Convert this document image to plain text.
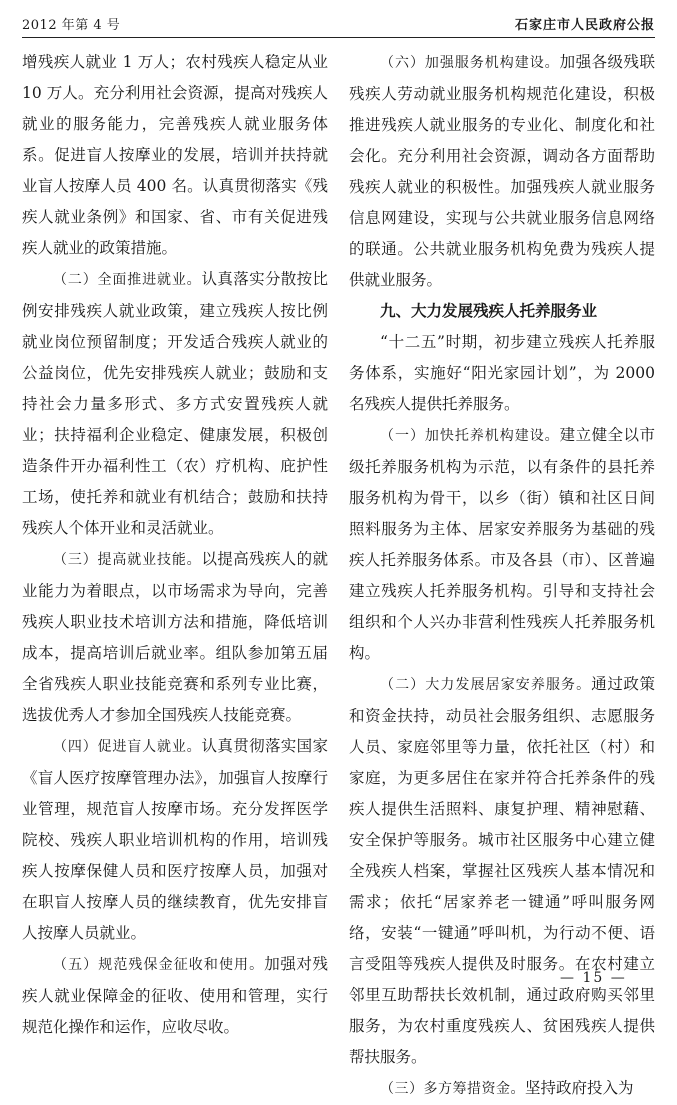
2012 年第 4 号	石家庄市人民政府公报

增残疾人就业 1 万人；农村残疾人稳定从业 10 万人。充分利用社会资源，提高对残疾人就业的服务能力，完善残疾人就业服务体系。促进盲人按摩业的发展，培训并扶持就业盲人按摩人员 400 名。认真贯彻落实《残疾人就业条例》和国家、省、市有关促进残疾人就业的政策措施。

（二）全面推进就业。认真落实分散按比例安排残疾人就业政策，建立残疾人按比例就业岗位预留制度；开发适合残疾人就业的公益岗位，优先安排残疾人就业；鼓励和支持社会力量多形式、多方式安置残疾人就业；扶持福利企业稳定、健康发展，积极创造条件开办福利性工（农）疗机构、庇护性工场，使托养和就业有机结合；鼓励和扶持残疾人个体开业和灵活就业。

（三）提高就业技能。以提高残疾人的就业能力为着眼点，以市场需求为导向，完善残疾人职业技术培训方法和措施，降低培训成本，提高培训后就业率。组队参加第五届全省残疾人职业技能竞赛和系列专业比赛，选拔优秀人才参加全国残疾人技能竞赛。

（四）促进盲人就业。认真贯彻落实国家《盲人医疗按摩管理办法》，加强盲人按摩行业管理，规范盲人按摩市场。充分发挥医学院校、残疾人职业培训机构的作用，培训残疾人按摩保健人员和医疗按摩人员，加强对在职盲人按摩人员的继续教育，优先安排盲人按摩人员就业。

（五）规范残保金征收和使用。加强对残疾人就业保障金的征收、使用和管理，实行规范化操作和运作，应收尽收。

（六）加强服务机构建设。加强各级残联残疾人劳动就业服务机构规范化建设，积极推进残疾人就业服务的专业化、制度化和社会化。充分利用社会资源，调动各方面帮助残疾人就业的积极性。加强残疾人就业服务信息网建设，实现与公共就业服务信息网络的联通。公共就业服务机构免费为残疾人提供就业服务。

九、大力发展残疾人托养服务业

“十二五”时期，初步建立残疾人托养服务体系，实施好“阳光家园计划”，为 2000 名残疾人提供托养服务。

（一）加快托养机构建设。建立健全以市级托养服务机构为示范，以有条件的县托养服务机构为骨干，以乡（街）镇和社区日间照料服务为主体、居家安养服务为基础的残疾人托养服务体系。市及各县（市）、区普遍建立残疾人托养服务机构。引导和支持社会组织和个人兴办非营利性残疾人托养服务机构。

（二）大力发展居家安养服务。通过政策和资金扶持，动员社会服务组织、志愿服务人员、家庭邻里等力量，依托社区（村）和家庭，为更多居住在家并符合托养条件的残疾人提供生活照料、康复护理、精神慰藉、安全保护等服务。城市社区服务中心建立健全残疾人档案，掌握社区残疾人基本情况和需求；依托“居家养老一键通”呼叫服务网络，安装“一键通”呼叫机，为行动不便、语言受阻等残疾人提供及时服务。在农村建立邻里互助帮扶长效机制，通过政府购买邻里服务，为农村重度残疾人、贫困残疾人提供帮扶服务。

（三）多方筹措资金。坚持政府投入为

— 15 —
